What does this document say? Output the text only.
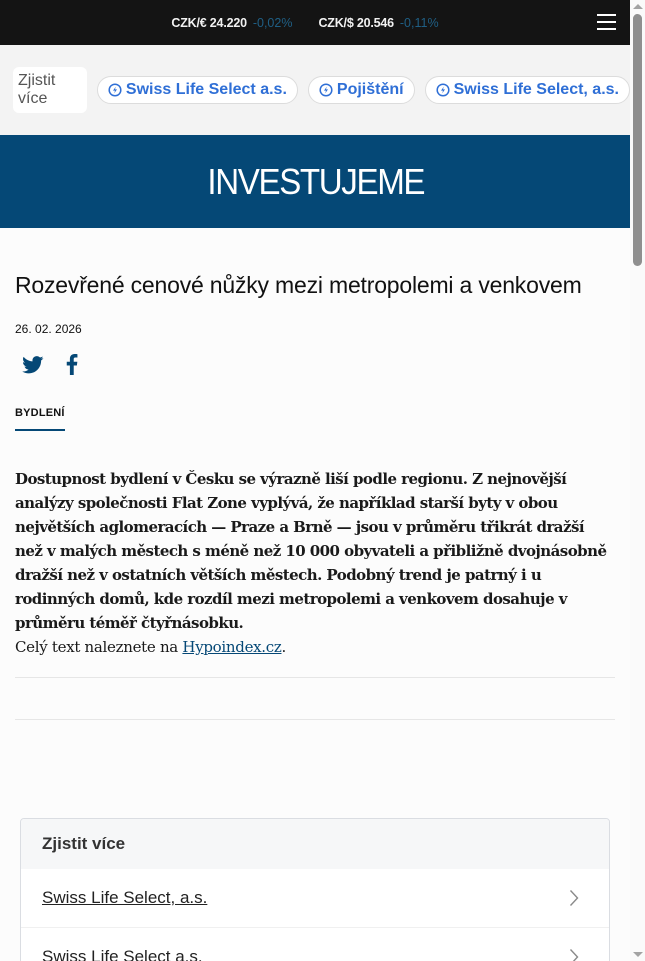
CZK/€ 24.220 -0,02% CZK/$ 20.546 -0,11%
Zjistit více
Swiss Life Select a.s.	Pojištění	Swiss Life Select, a.s.
INVESTUJEME
Rozevřené cenové nůžky mezi metropolemi a venkovem
26. 02. 2026
BYDLENÍ

Dostupnost bydlení v Česku se výrazně liší podle regionu. Z nejnovější analýzy společnosti Flat Zone vyplývá, že například starší byty v obou největších aglomeracích — Praze a Brně — jsou v průměru třikrát dražší než v malých městech s méně než 10 000 obyvateli a přibližně dvojnásobně dražší než v ostatních větších městech. Podobný trend je patrný i u rodinných domů, kde rozdíl mezi metropolemi a venkovem dosahuje v průměru téměř čtyřnásobku.

Celý text naleznete na Hypoindex.cz.

Zjistit více
Swiss Life Select, a.s.
Swiss Life Select a.s.
